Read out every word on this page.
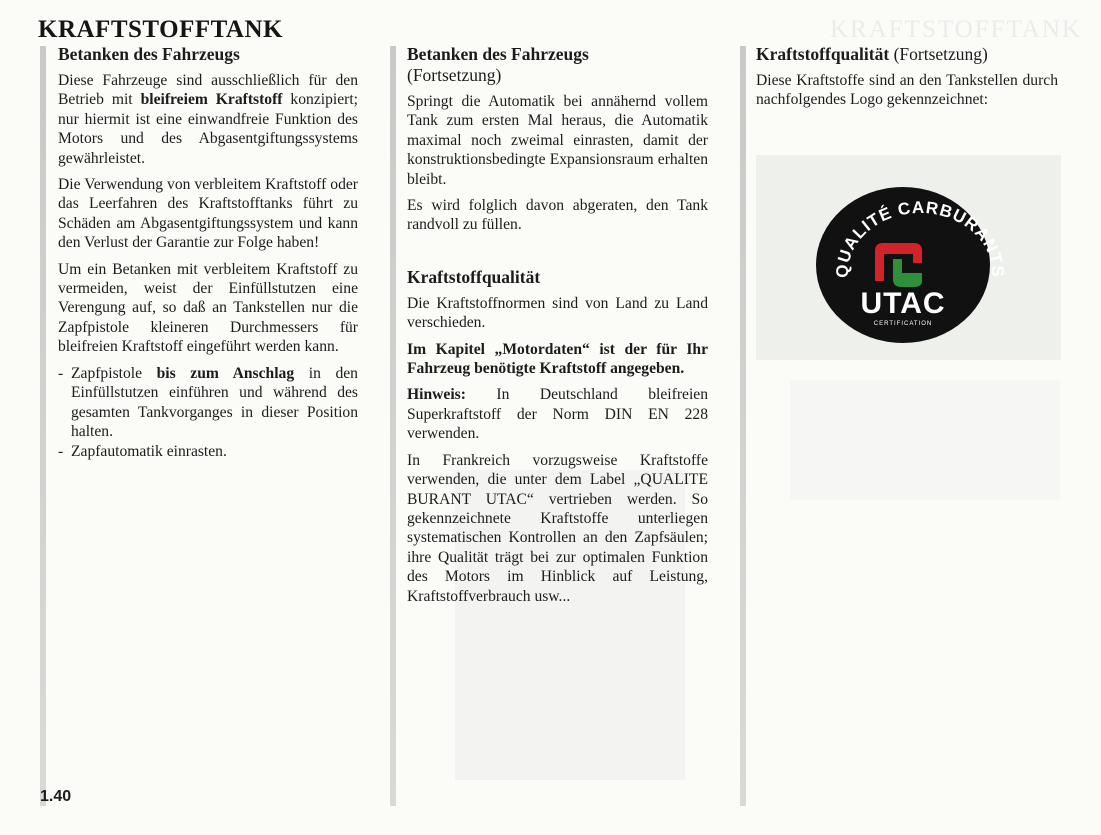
KRAFTSTOFFTANK	KRAFTSTOFFTANK
Betanken des Fahrzeugs

Diese Fahrzeuge sind ausschließlich für den Betrieb mit bleifreiem Kraftstoff konzipiert; nur hiermit ist eine einwandfreie Funktion des Motors und des Abgasentgiftungssystems gewährleistet.

Die Verwendung von verbleitem Kraftstoff oder das Leerfahren des Kraftstofftanks führt zu Schäden am Abgasentgiftungssystem und kann den Verlust der Garantie zur Folge haben!

Um ein Betanken mit verbleitem Kraftstoff zu vermeiden, weist der Einfüllstutzen eine Verengung auf, so daß an Tankstellen nur die Zapfpistole kleineren Durchmessers für bleifreien Kraftstoff eingeführt werden kann.

- Zapfpistole bis zum Anschlag in den Einfüllstutzen einführen und während des gesamten Tankvorganges in dieser Position halten.
- Zapfautomatik einrasten.
Betanken des Fahrzeugs
(Fortsetzung)

Springt die Automatik bei annähernd vollem Tank zum ersten Mal heraus, die Automatik maximal noch zweimal einrasten, damit der konstruktionsbedingte Expansionsraum erhalten bleibt.

Es wird folglich davon abgeraten, den Tank randvoll zu füllen.

Kraftstoffqualität

Die Kraftstoffnormen sind von Land zu Land verschieden.

Im Kapitel „Motordaten“ ist der für Ihr Fahrzeug benötigte Kraftstoff angegeben.

Hinweis: In Deutschland bleifreien Superkraftstoff der Norm DIN EN 228 verwenden.

In Frankreich vorzugsweise Kraftstoffe verwenden, die unter dem Label „QUALITE BURANT UTAC“ vertrieben werden. So gekennzeichnete Kraftstoffe unterliegen systematischen Kontrollen an den Zapfsäulen; ihre Qualität trägt bei zur optimalen Funktion des Motors im Hinblick auf Leistung, Kraftstoffverbrauch usw...

Kraftstoffqualität (Fortsetzung)

Diese Kraftstoffe sind an den Tankstellen durch nachfolgendes Logo gekennzeichnet:

QUALITÉ CARBURANTS
UTAC
CERTIFICATION
1.40
